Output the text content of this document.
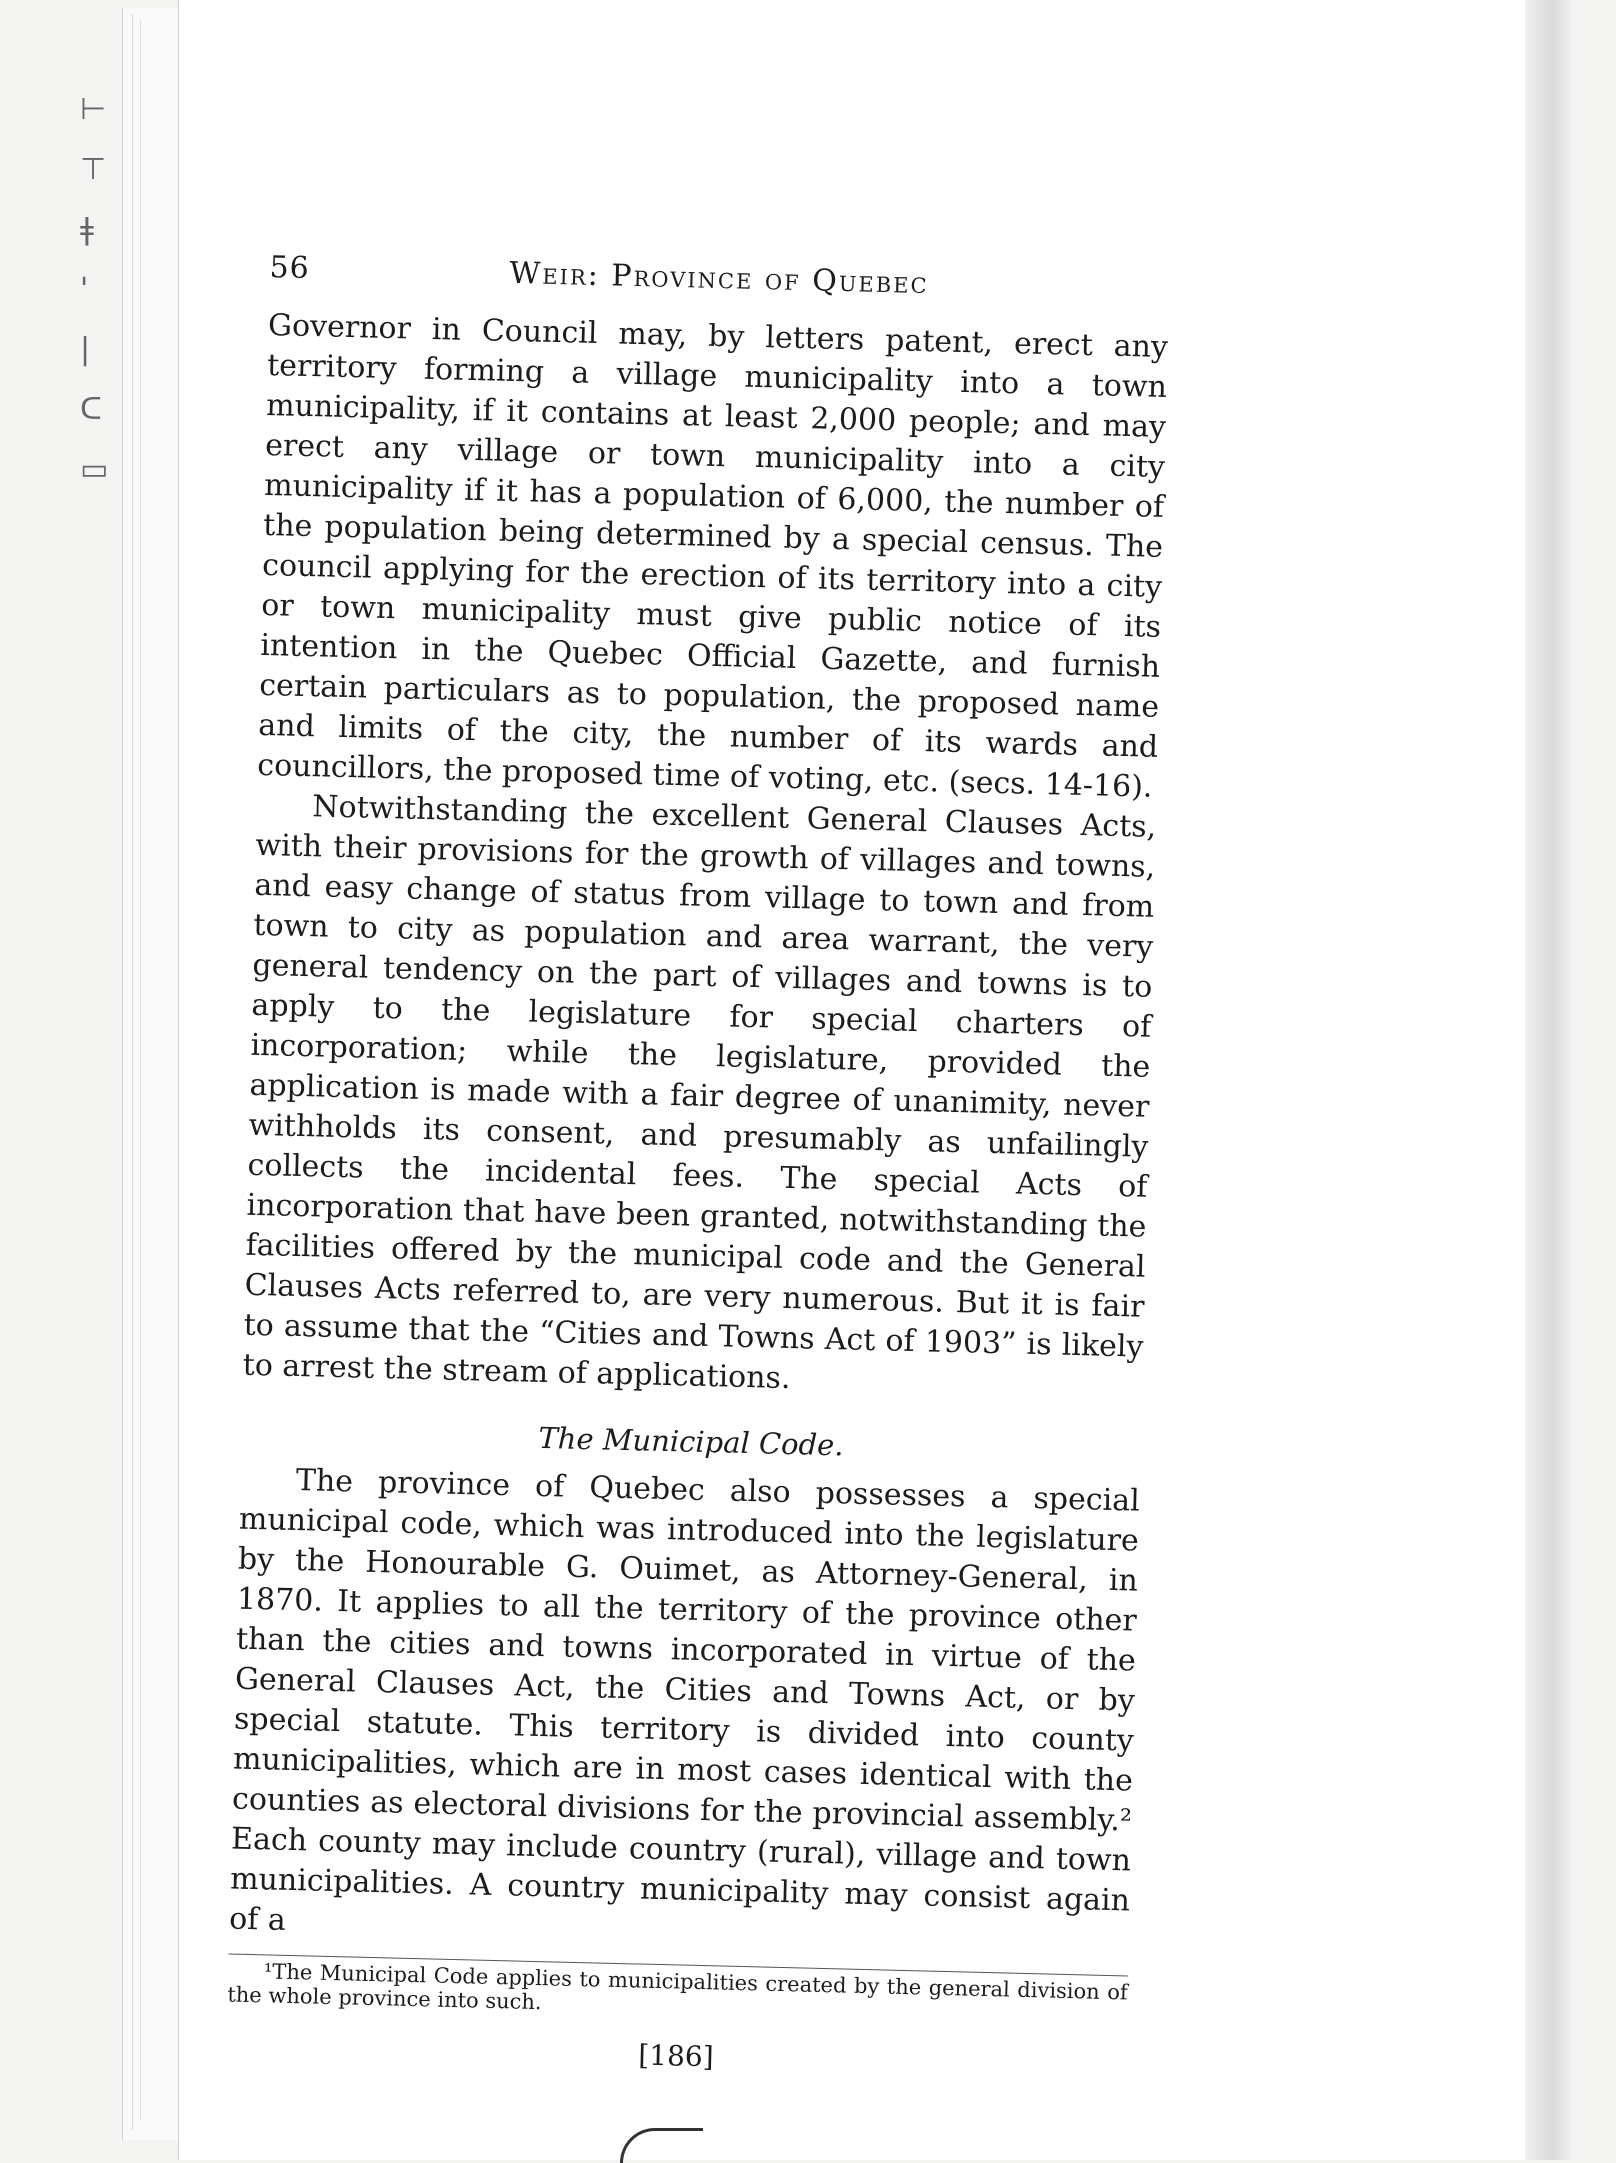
⊢
⊤
ǂ
'
|
ᑕ
▭
56	Weir: Province of Quebec

Governor in Council may, by letters patent, erect any territory forming a village municipality into a town municipality, if it contains at least 2,000 people; and may erect any village or town municipality into a city municipality if it has a population of 6,000, the number of the population being determined by a special census. The council applying for the erection of its territory into a city or town municipality must give public notice of its intention in the Quebec Official Gazette, and furnish certain particulars as to population, the proposed name and limits of the city, the number of its wards and councillors, the proposed time of voting, etc. (secs. 14-16).

Notwithstanding the excellent General Clauses Acts, with their provisions for the growth of villages and towns, and easy change of status from village to town and from town to city as population and area warrant, the very general tendency on the part of villages and towns is to apply to the legislature for special charters of incorporation; while the legislature, provided the application is made with a fair degree of unanimity, never withholds its consent, and presumably as unfailingly collects the incidental fees. The special Acts of incorporation that have been granted, notwithstanding the facilities offered by the municipal code and the General Clauses Acts referred to, are very numerous. But it is fair to assume that the “Cities and Towns Act of 1903” is likely to arrest the stream of applications.

The Municipal Code.

The province of Quebec also possesses a special municipal code, which was introduced into the legislature by the Honourable G. Ouimet, as Attorney-General, in 1870. It applies to all the territory of the province other than the cities and towns incorporated in virtue of the General Clauses Act, the Cities and Towns Act, or by special statute. This territory is divided into county municipalities, which are in most cases identical with the counties as electoral divisions for the provincial assembly.² Each county may include country (rural), village and town municipalities. A country municipality may consist again of a

¹The Municipal Code applies to municipalities created by the general division of the whole province into such.

[186]
